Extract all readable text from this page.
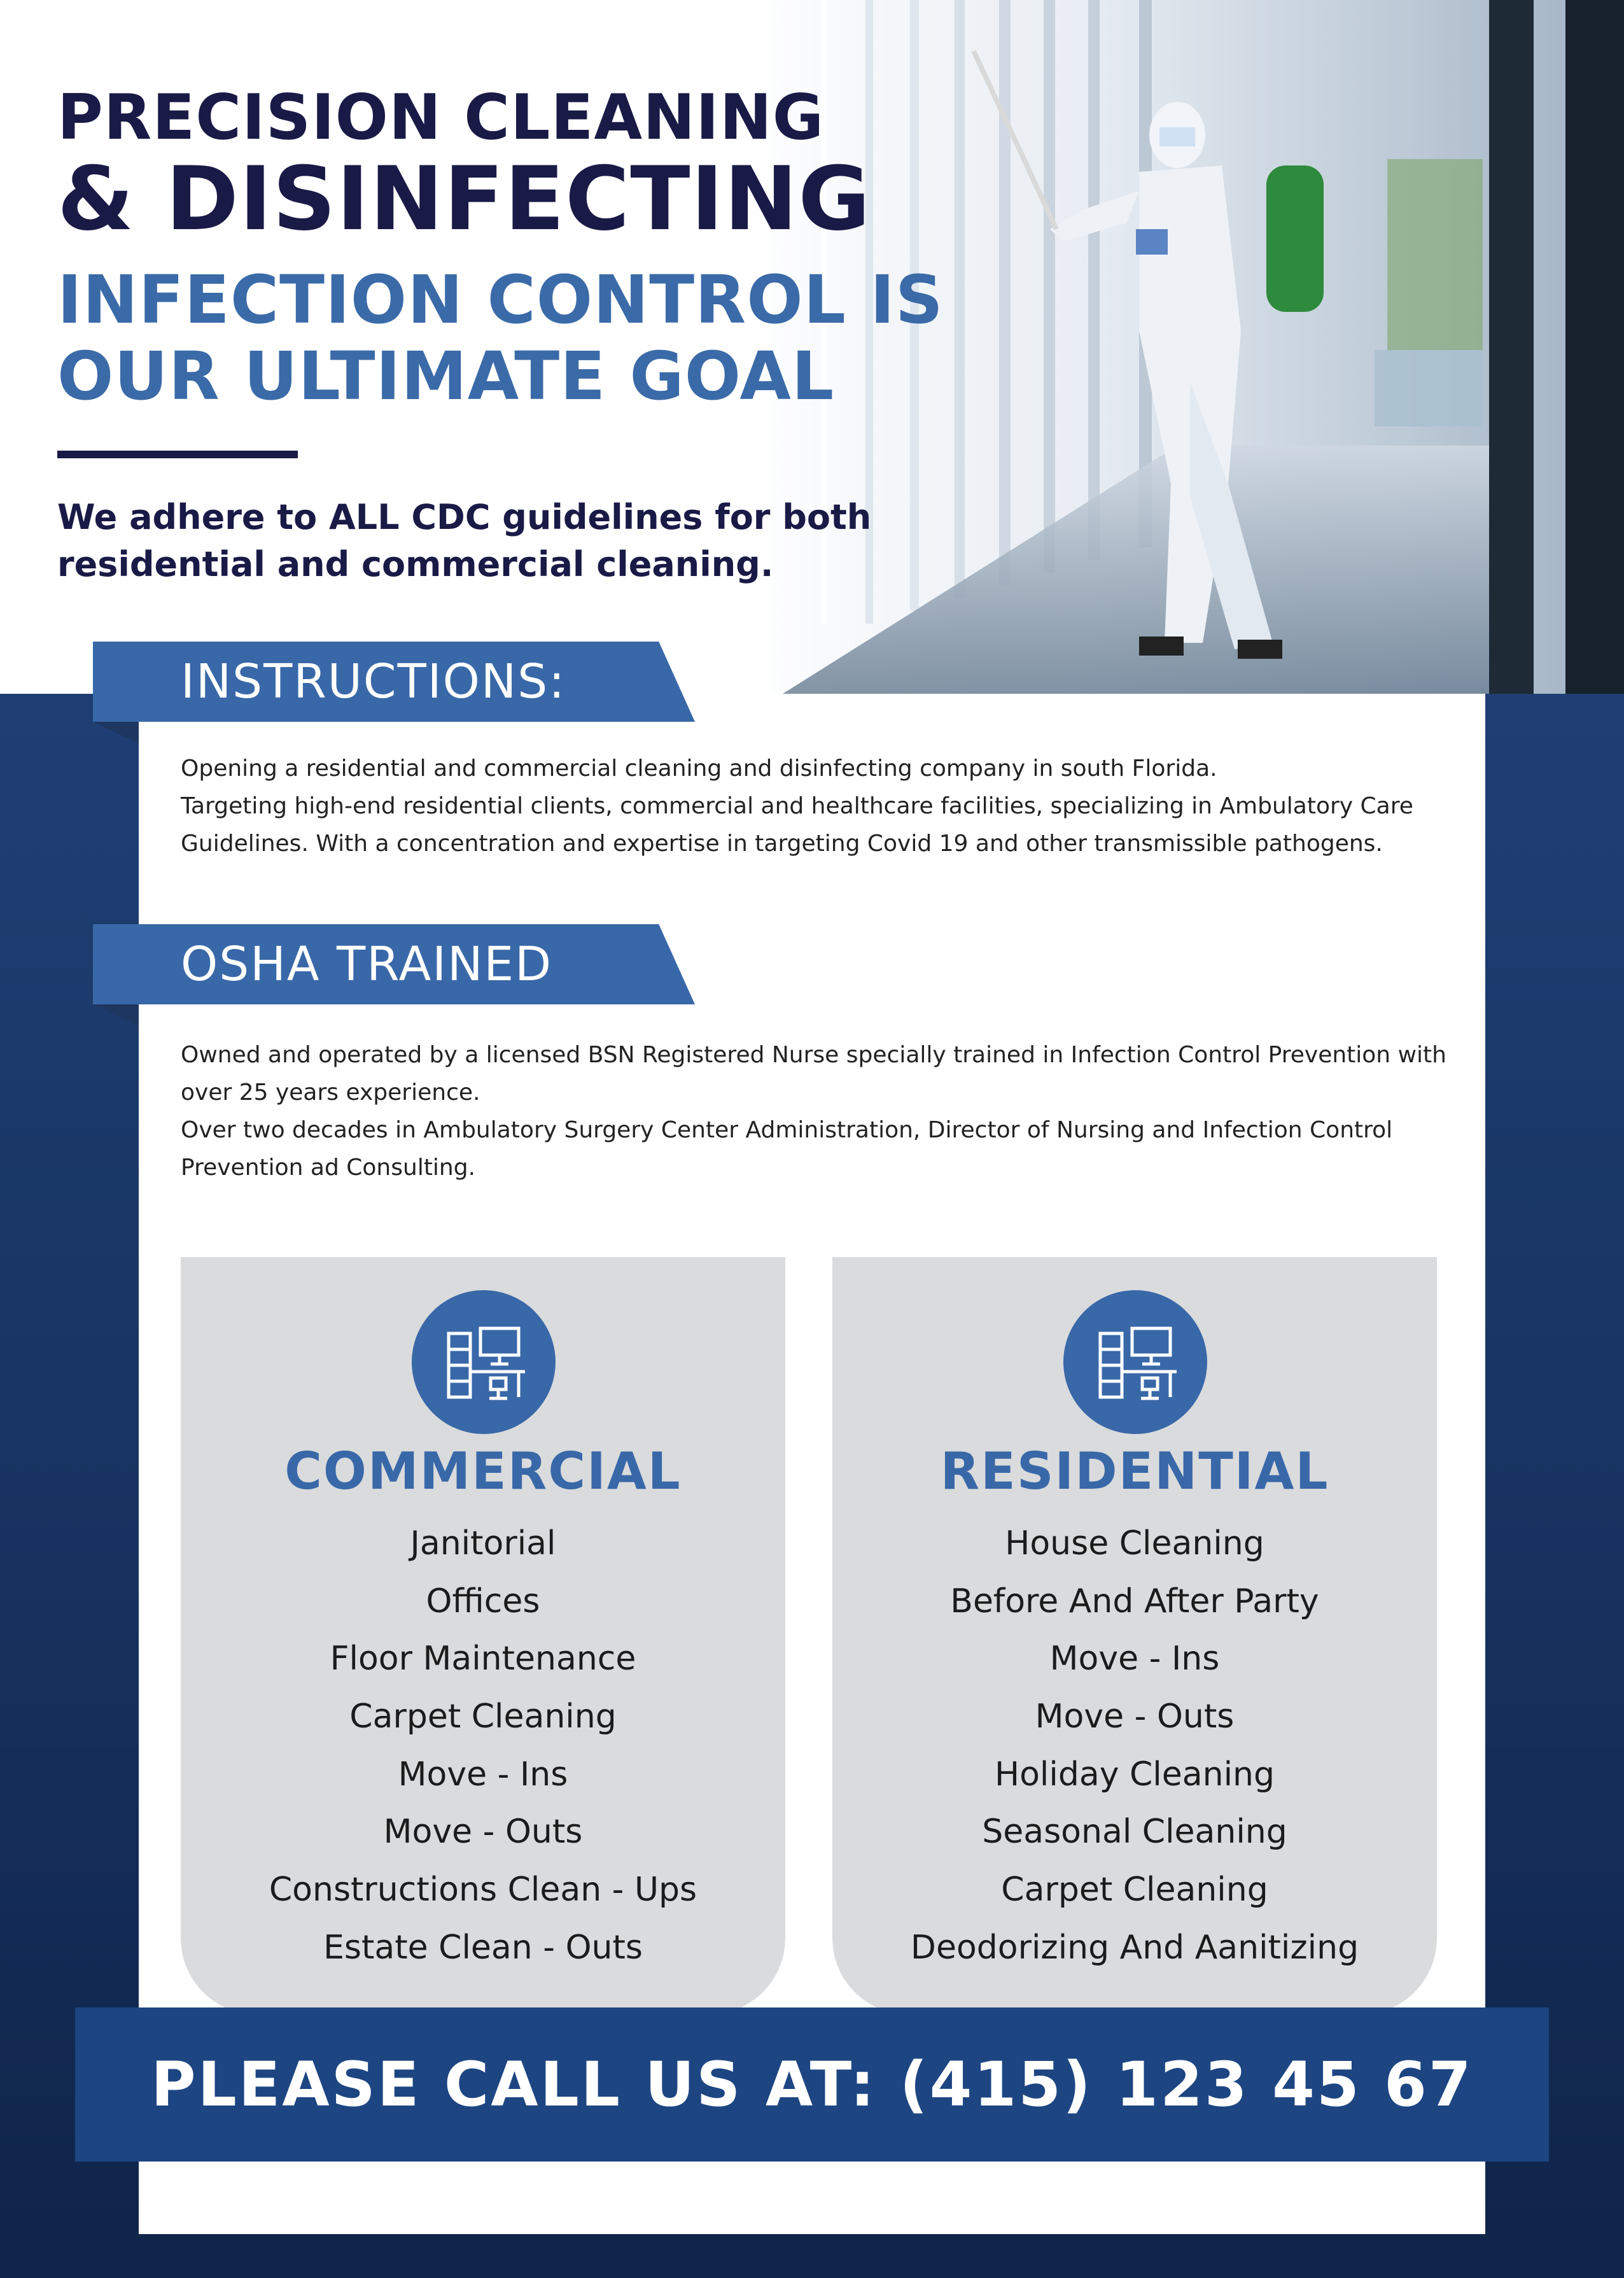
PRECISION CLEANING
& DISINFECTING
INFECTION CONTROL IS
OUR ULTIMATE GOAL

We adhere to ALL CDC guidelines for both residential and commercial cleaning.

INSTRUCTIONS:

Opening a residential and commercial cleaning and disinfecting company in south Florida.

Targeting high-end residential clients, commercial and healthcare facilities, specializing in Ambulatory Care Guidelines. With a concentration and expertise in targeting Covid 19 and other transmissible pathogens.

OSHA TRAINED

Owned and operated by a licensed BSN Registered Nurse specially trained in Infection Control Prevention with over 25 years experience.

Over two decades in Ambulatory Surgery Center Administration, Director of Nursing and Infection Control Prevention ad Consulting.

COMMERCIAL
Janitorial
Offices
Floor Maintenance
Carpet Cleaning
Move - Ins
Move - Outs
Constructions Clean - Ups
Estate Clean - Outs
RESIDENTIAL
House Cleaning
Before And After Party
Move - Ins
Move - Outs
Holiday Cleaning
Seasonal Cleaning
Carpet Cleaning
Deodorizing And Aanitizing
PLEASE CALL US AT: (415) 123 45 67
